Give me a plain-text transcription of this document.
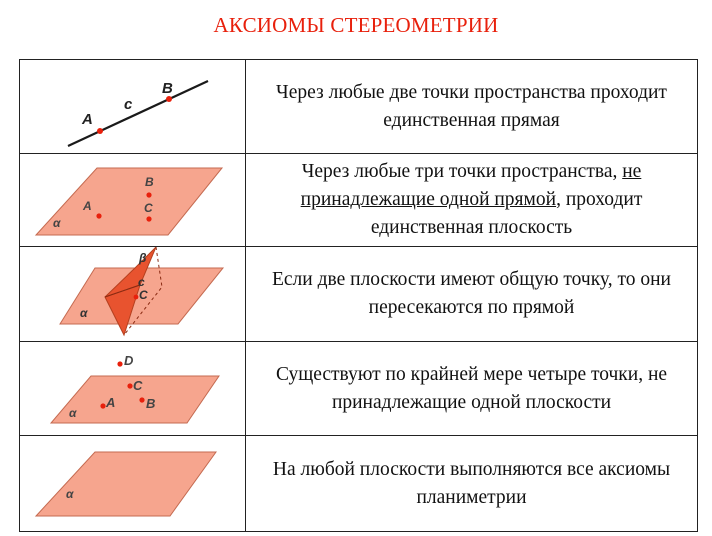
АКСИОМЫ СТЕРЕОМЕТРИИ
A
c
B	Через любые две точки пространства проходит единственная прямая

B
A C
α	Через любые три точки пространства, не принадлежащие одной прямой, проходит единственная плоскость

β
c
C
α	Если две плоскости имеют общую точку, то они пересекаются по прямой

D
C
A B
α	Существуют по крайней мере четыре точки, не принадлежащие одной плоскости

α	На любой плоскости выполняются все аксиомы планиметрии
